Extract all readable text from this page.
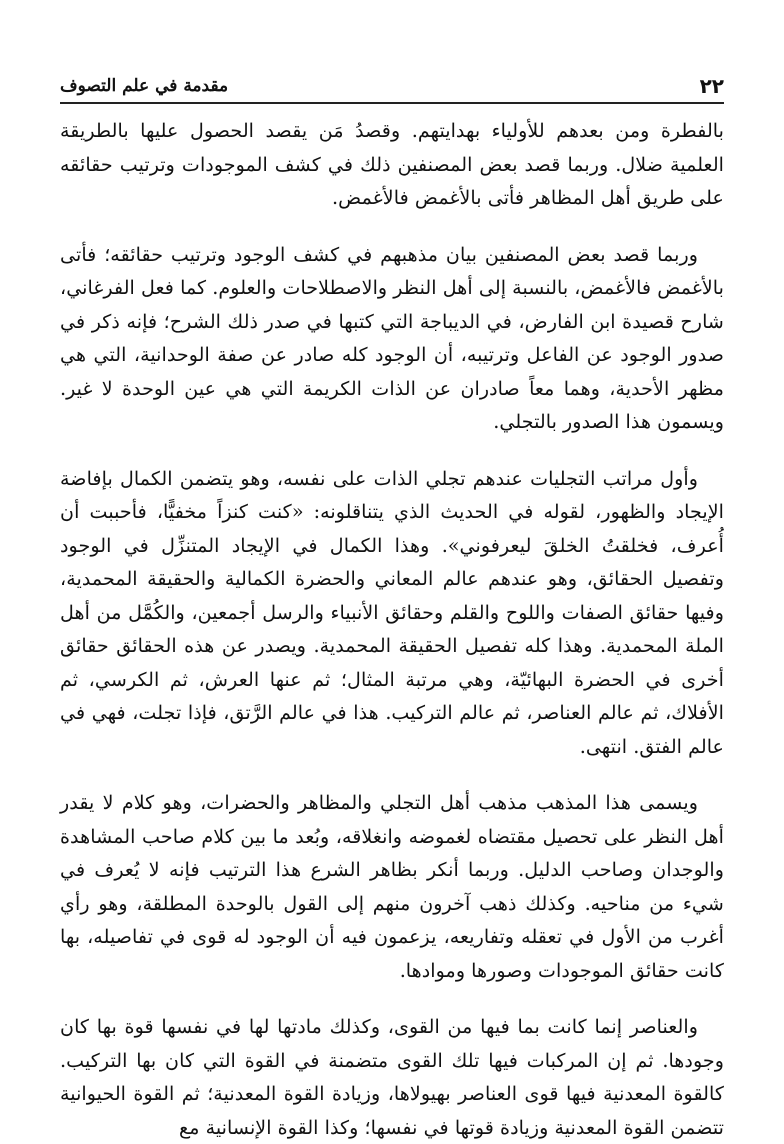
٢٢
مقدمة في علم التصوف

بالفطرة ومن بعدهم للأولياء بهدايتهم. وقصدُ مَن يقصد الحصول عليها بالطريقة العلمية ضلال. وربما قصد بعض المصنفين ذلك في كشف الموجودات وترتيب حقائقه على طريق أهل المظاهر فأتى بالأغمض فالأغمض.

وربما قصد بعض المصنفين بيان مذهبهم في كشف الوجود وترتيب حقائقه؛ فأتى بالأغمض فالأغمض، بالنسبة إلى أهل النظر والاصطلاحات والعلوم. كما فعل الفرغاني، شارح قصيدة ابن الفارض، في الديباجة التي كتبها في صدر ذلك الشرح؛ فإنه ذكر في صدور الوجود عن الفاعل وترتيبه، أن الوجود كله صادر عن صفة الوحدانية، التي هي مظهر الأحدية، وهما معاً صادران عن الذات الكريمة التي هي عين الوحدة لا غير. ويسمون هذا الصدور بالتجلي.

وأول مراتب التجليات عندهم تجلي الذات على نفسه، وهو يتضمن الكمال بإفاضة الإيجاد والظهور، لقوله في الحديث الذي يتناقلونه: «كنت كنزاً مخفيًّا، فأحببت أن أُعرف، فخلقتُ الخلقَ ليعرفوني». وهذا الكمال في الإيجاد المتنزِّل في الوجود وتفصيل الحقائق، وهو عندهم عالم المعاني والحضرة الكمالية والحقيقة المحمدية، وفيها حقائق الصفات واللوح والقلم وحقائق الأنبياء والرسل أجمعين، والكُمَّل من أهل الملة المحمدية. وهذا كله تفصيل الحقيقة المحمدية. ويصدر عن هذه الحقائق حقائق أخرى في الحضرة البهائيّة، وهي مرتبة المثال؛ ثم عنها العرش، ثم الكرسي، ثم الأفلاك، ثم عالم العناصر، ثم عالم التركيب. هذا في عالم الرَّتق، فإذا تجلت، فهي في عالم الفتق. انتهى.

ويسمى هذا المذهب مذهب أهل التجلي والمظاهر والحضرات، وهو كلام لا يقدر أهل النظر على تحصيل مقتضاه لغموضه وانغلاقه، وبُعد ما بين كلام صاحب المشاهدة والوجدان وصاحب الدليل. وربما أنكر بظاهر الشرع هذا الترتيب فإنه لا يُعرف في شيء من مناحيه. وكذلك ذهب آخرون منهم إلى القول بالوحدة المطلقة، وهو رأي أغرب من الأول في تعقله وتفاريعه، يزعمون فيه أن الوجود له قوى في تفاصيله، بها كانت حقائق الموجودات وصورها وموادها.

والعناصر إنما كانت بما فيها من القوى، وكذلك مادتها لها في نفسها قوة بها كان وجودها. ثم إن المركبات فيها تلك القوى متضمنة في القوة التي كان بها التركيب. كالقوة المعدنية فيها قوى العناصر بهيولاها، وزيادة القوة المعدنية؛ ثم القوة الحيوانية تتضمن القوة المعدنية وزيادة قوتها في نفسها؛ وكذا القوة الإنسانية مع
